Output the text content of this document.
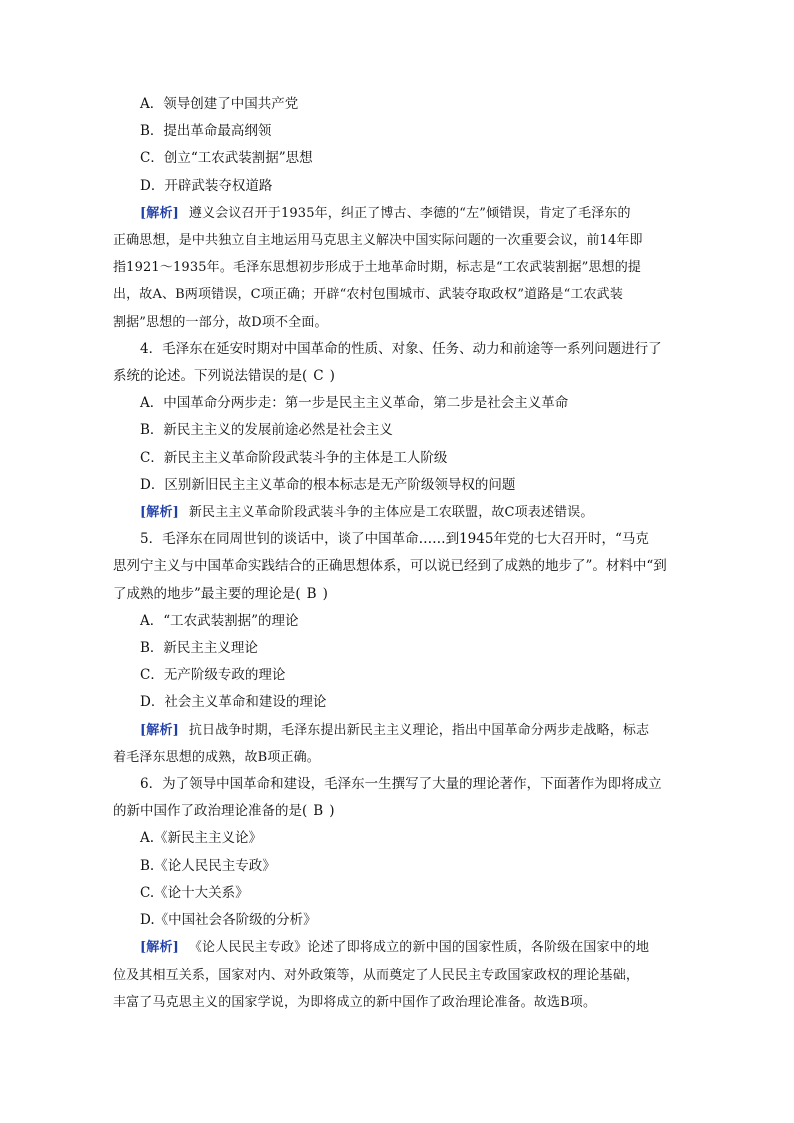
A．领导创建了中国共产党
B．提出革命最高纲领
C．创立“工农武装割据”思想
D．开辟武装夺权道路
[解析] 遵义会议召开于1935年，纠正了博古、李德的“左”倾错误，肯定了毛泽东的
正确思想，是中共独立自主地运用马克思主义解决中国实际问题的一次重要会议，前14年即
指1921～1935年。毛泽东思想初步形成于土地革命时期，标志是“工农武装割据”思想的提
出，故A、B两项错误，C项正确；开辟“农村包围城市、武装夺取政权”道路是“工农武装
割据”思想的一部分，故D项不全面。
4．毛泽东在延安时期对中国革命的性质、对象、任务、动力和前途等一系列问题进行了
系统的论述。下列说法错误的是( C )
A．中国革命分两步走：第一步是民主主义革命，第二步是社会主义革命
B．新民主主义的发展前途必然是社会主义
C．新民主主义革命阶段武装斗争的主体是工人阶级
D．区别新旧民主主义革命的根本标志是无产阶级领导权的问题
[解析] 新民主主义革命阶段武装斗争的主体应是工农联盟，故C项表述错误。
5．毛泽东在同周世钊的谈话中，谈了中国革命……到1945年党的七大召开时，“马克
思列宁主义与中国革命实践结合的正确思想体系，可以说已经到了成熟的地步了”。材料中“到
了成熟的地步”最主要的理论是( B )
A．“工农武装割据”的理论
B．新民主主义理论
C．无产阶级专政的理论
D．社会主义革命和建设的理论
[解析] 抗日战争时期，毛泽东提出新民主主义理论，指出中国革命分两步走战略，标志
着毛泽东思想的成熟，故B项正确。
6．为了领导中国革命和建设，毛泽东一生撰写了大量的理论著作，下面著作为即将成立
的新中国作了政治理论准备的是( B )
A.《新民主主义论》
B.《论人民民主专政》
C.《论十大关系》
D.《中国社会各阶级的分析》
[解析] 《论人民民主专政》论述了即将成立的新中国的国家性质，各阶级在国家中的地
位及其相互关系，国家对内、对外政策等，从而奠定了人民民主专政国家政权的理论基础，
丰富了马克思主义的国家学说，为即将成立的新中国作了政治理论准备。故选B项。
